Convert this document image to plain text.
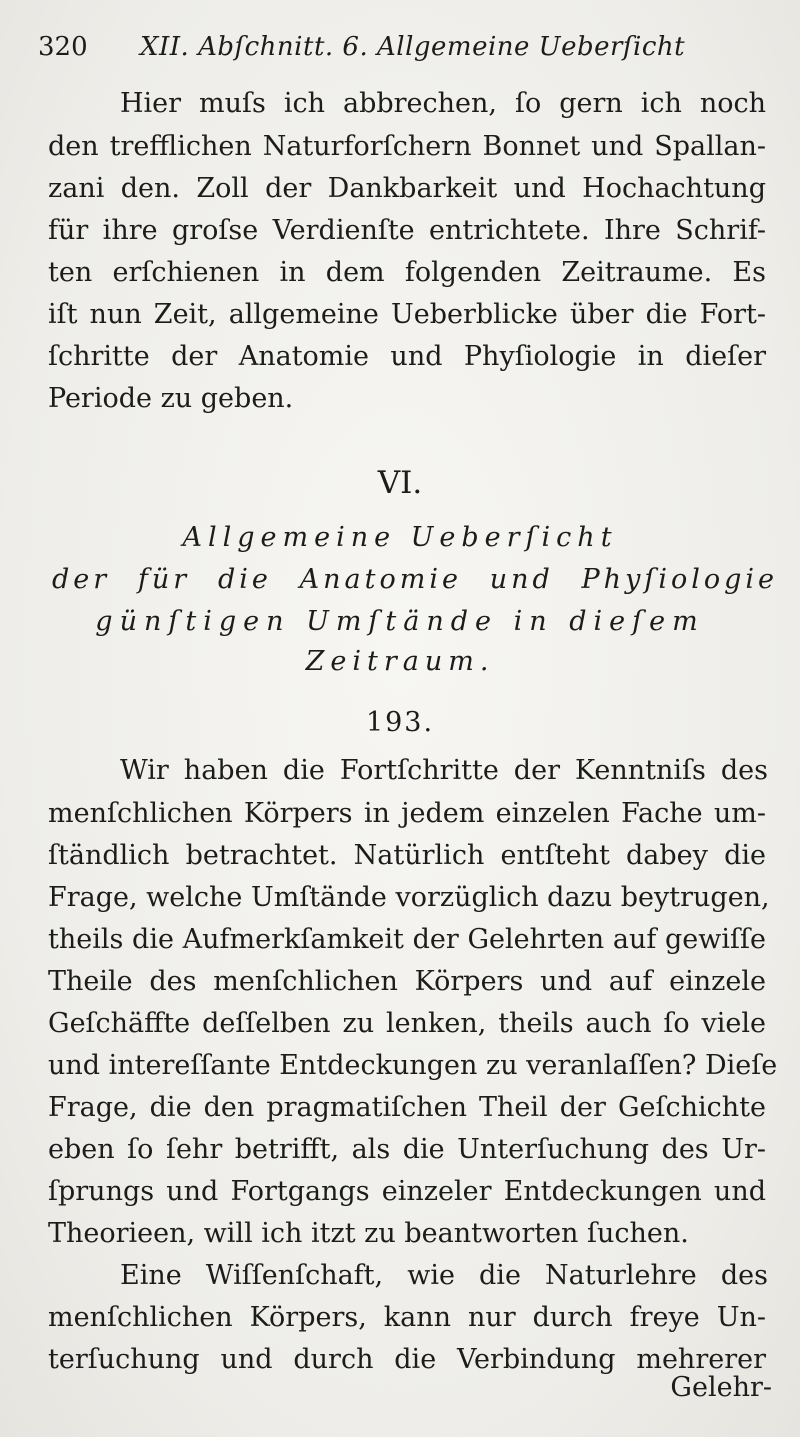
320 XII. Abſchnitt. 6. Allgemeine Ueberſicht
Hier muſs ich abbrechen, ſo gern ich noch
den trefflichen Naturforſchern Bonnet und Spallan-
zani den. Zoll der Dankbarkeit und Hochachtung
für ihre groſse Verdienſte entrichtete. Ihre Schrif-
ten erſchienen in dem folgenden Zeitraume. Es
iſt nun Zeit, allgemeine Ueberblicke über die Fort-
ſchritte der Anatomie und Phyſiologie in dieſer
Periode zu geben.
VI.
Allgemeine Ueberſicht
der für die Anatomie und Phyſiologie
günſtigen Umſtände in dieſem
Zeitraum.
193.
Wir haben die Fortſchritte der Kenntniſs des
menſchlichen Körpers in jedem einzelen Fache um-
ſtändlich betrachtet. Natürlich entſteht dabey die
Frage, welche Umſtände vorzüglich dazu beytrugen,
theils die Aufmerkſamkeit der Gelehrten auf gewiſſe
Theile des menſchlichen Körpers und auf einzele
Geſchäffte deſſelben zu lenken, theils auch ſo viele
und intereſſante Entdeckungen zu veranlaſſen? Dieſe
Frage, die den pragmatiſchen Theil der Geſchichte
eben ſo ſehr betrifft, als die Unterſuchung des Ur-
ſprungs und Fortgangs einzeler Entdeckungen und
Theorieen, will ich itzt zu beantworten ſuchen.
Eine Wiſſenſchaft, wie die Naturlehre des
menſchlichen Körpers, kann nur durch freye Un-
terſuchung und durch die Verbindung mehrerer
Gelehr-
